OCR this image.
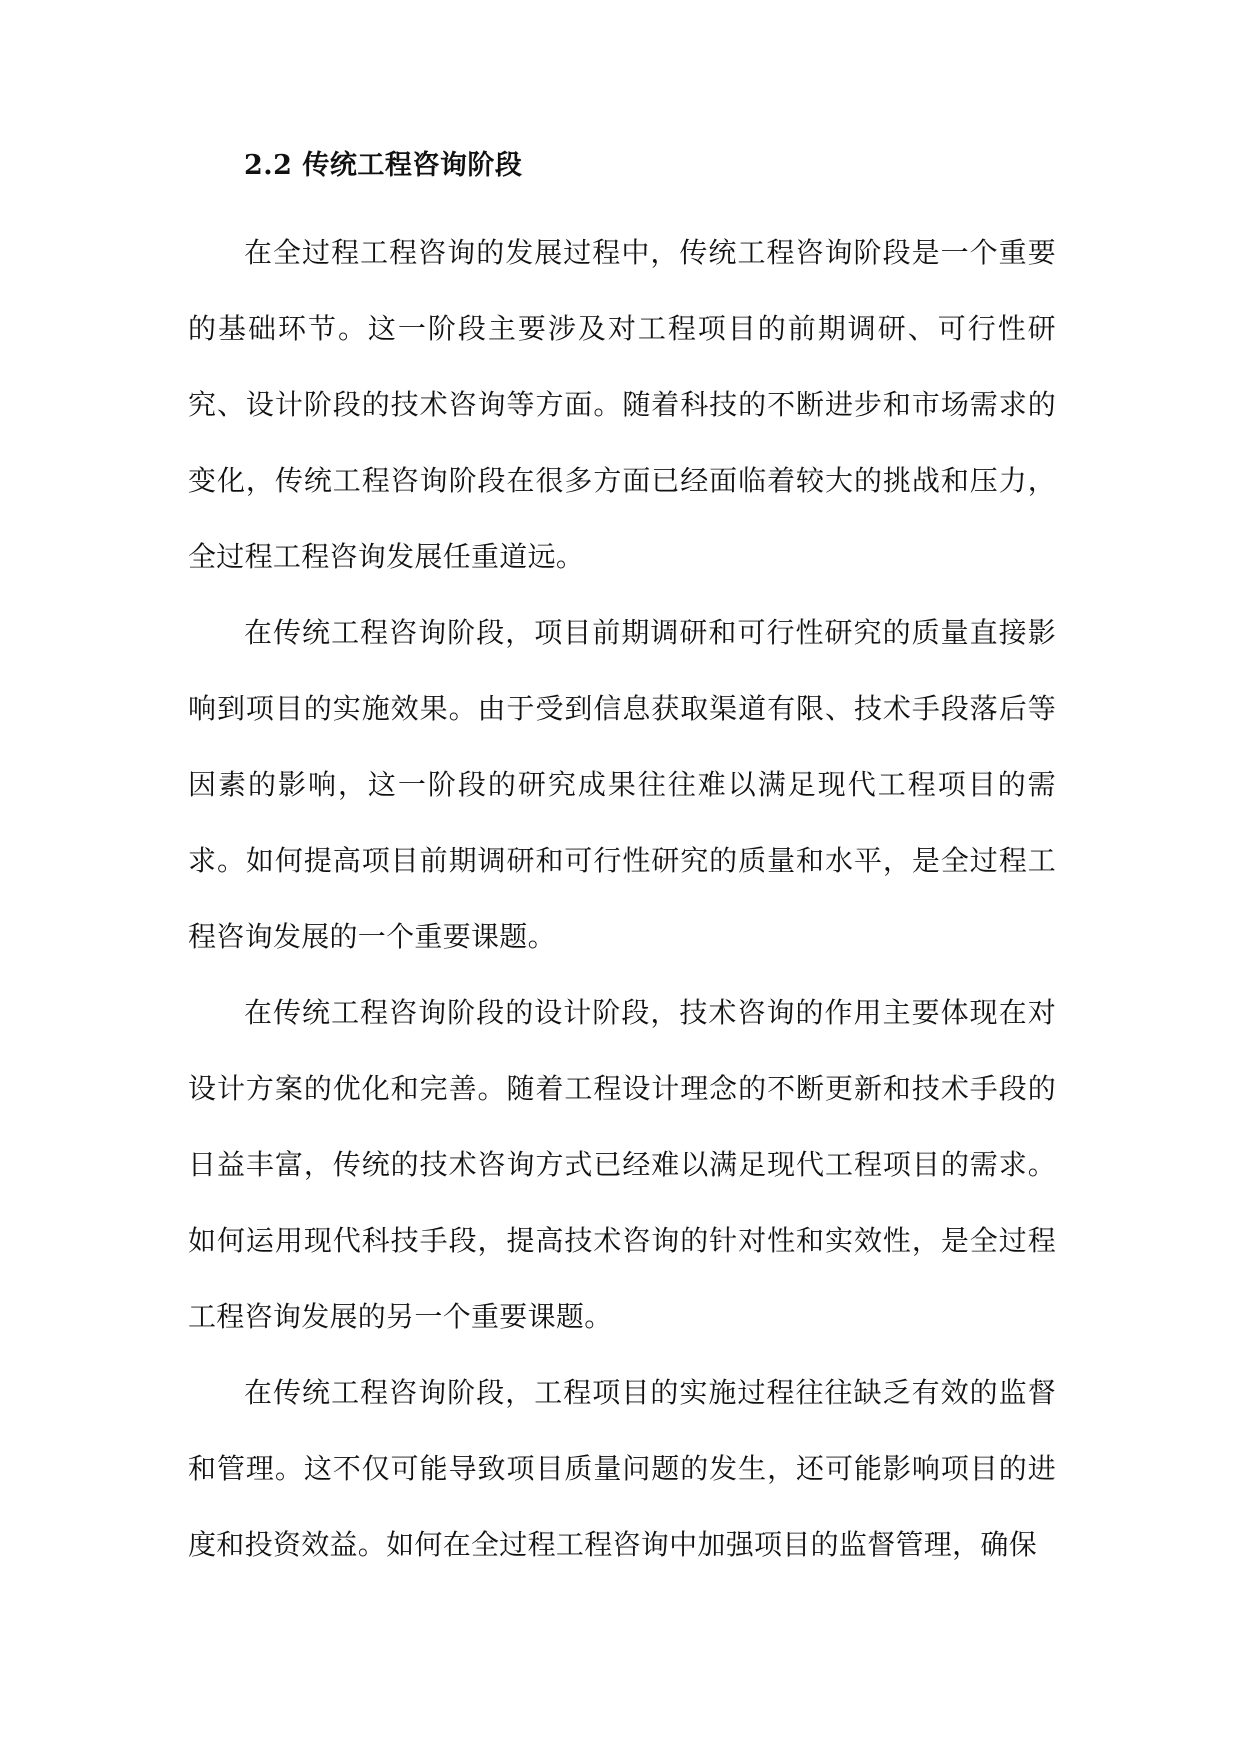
2.2 传统工程咨询阶段

在全过程工程咨询的发展过程中，传统工程咨询阶段是一个重要的基础环节。这一阶段主要涉及对工程项目的前期调研、可行性研究、设计阶段的技术咨询等方面。随着科技的不断进步和市场需求的变化，传统工程咨询阶段在很多方面已经面临着较大的挑战和压力，全过程工程咨询发展任重道远。

在传统工程咨询阶段，项目前期调研和可行性研究的质量直接影响到项目的实施效果。由于受到信息获取渠道有限、技术手段落后等因素的影响，这一阶段的研究成果往往难以满足现代工程项目的需求。如何提高项目前期调研和可行性研究的质量和水平，是全过程工程咨询发展的一个重要课题。

在传统工程咨询阶段的设计阶段，技术咨询的作用主要体现在对设计方案的优化和完善。随着工程设计理念的不断更新和技术手段的日益丰富，传统的技术咨询方式已经难以满足现代工程项目的需求。如何运用现代科技手段，提高技术咨询的针对性和实效性，是全过程工程咨询发展的另一个重要课题。

在传统工程咨询阶段，工程项目的实施过程往往缺乏有效的监督和管理。这不仅可能导致项目质量问题的发生，还可能影响项目的进度和投资效益。如何在全过程工程咨询中加强项目的监督管理，确保
